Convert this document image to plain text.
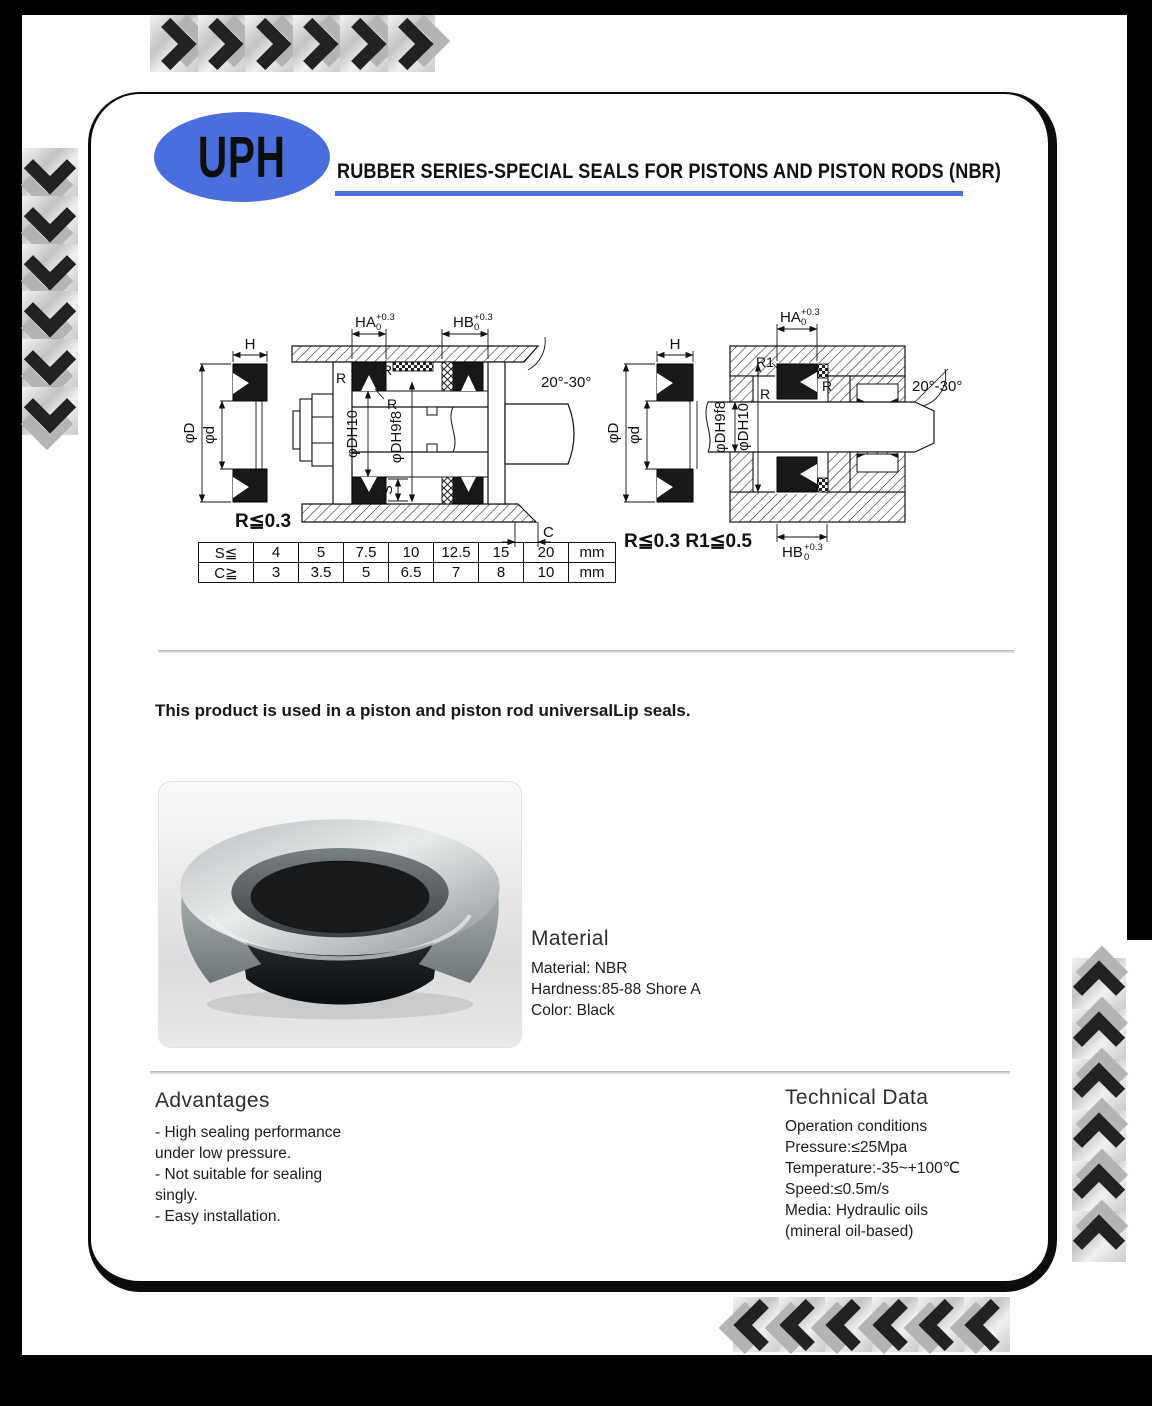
UPH RUBBER SERIES-SPECIAL SEALS FOR PISTONS AND PISTON RODS (NBR)
H
φD φd
R≦0.3
φDH10 φDH9f8
HA +0.3
0	HB +0.3
0
R	R
R
S
C
20°-30°
H
φD φd
R≦0.3 R1≦0.5
φDH9f8 φDH10
HA +0.3
0
HB +0.3
0
R1
R	R	20°-30°
S≦	4	5	7.5	10	12.5	15	20	mm
C≧	3	3.5	5	6.5	7	8	10	mm
This product is used in a piston and piston rod universalLip seals.
Material
Material: NBR
Hardness:85-88 Shore A
Color: Black
Advantages
- High sealing performance
under low pressure.
- Not suitable for sealing
singly.
- Easy installation.
Technical Data
Operation conditions
Pressure:≤25Mpa
Temperature:-35~+100℃
Speed:≤0.5m/s
Media: Hydraulic oils
(mineral oil-based)
